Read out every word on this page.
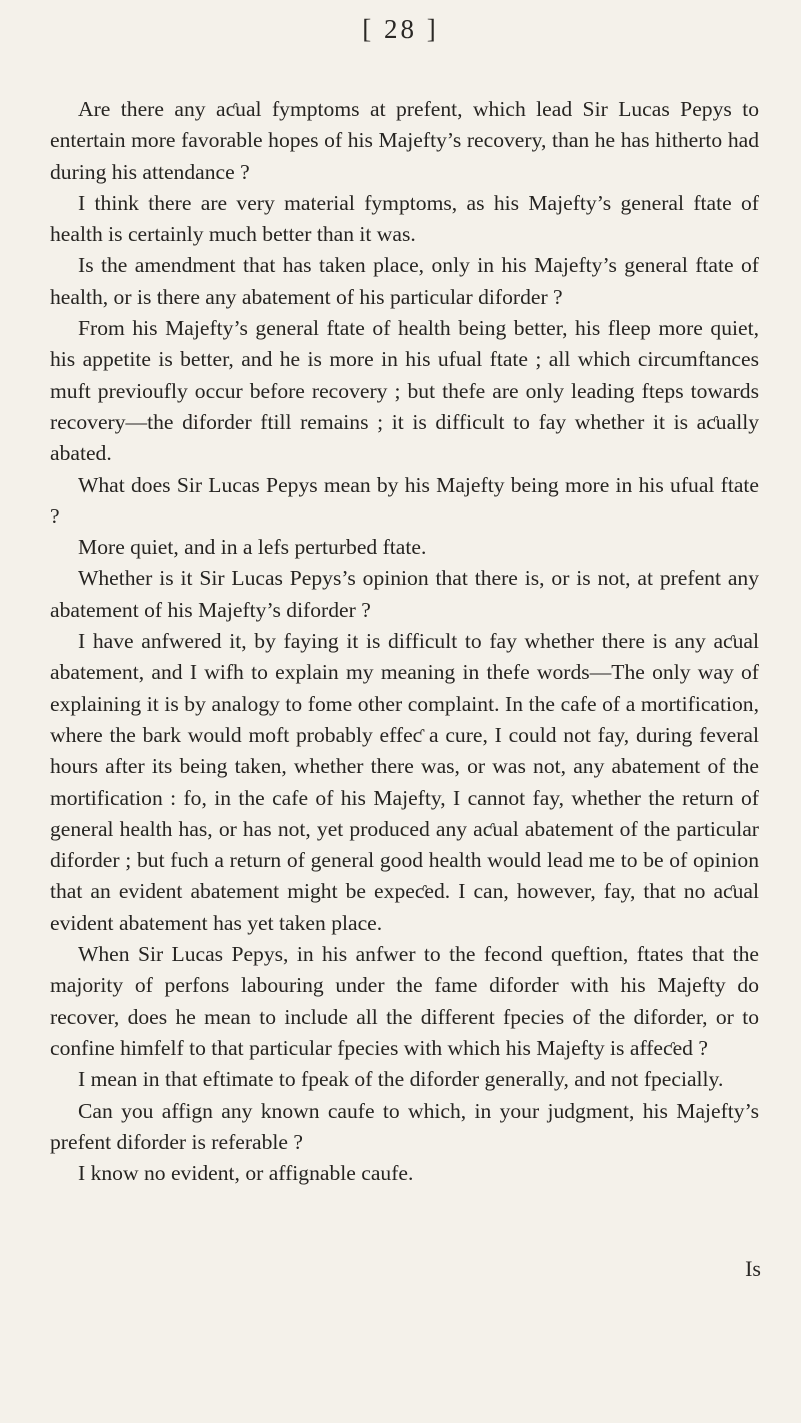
[ 28 ]

Are there any aƈual fymptoms at prefent, which lead Sir Lucas Pepys to entertain more favorable hopes of his Majefty’s recovery, than he has hitherto had during his attendance ?

I think there are very material fymptoms, as his Majefty’s general ftate of health is certainly much better than it was.

Is the amendment that has taken place, only in his Majefty’s general ftate of health, or is there any abatement of his particular diforder ?

From his Majefty’s general ftate of health being better, his fleep more quiet, his appetite is better, and he is more in his ufual ftate ; all which circumftances muft previoufly occur before recovery ; but thefe are only leading fteps towards recovery—the diforder ftill remains ; it is difficult to fay whether it is aƈually abated.

What does Sir Lucas Pepys mean by his Majefty being more in his ufual ftate ?

More quiet, and in a lefs perturbed ftate.

Whether is it Sir Lucas Pepys’s opinion that there is, or is not, at prefent any abatement of his Majefty’s diforder ?

I have anfwered it, by faying it is difficult to fay whether there is any aƈual abatement, and I wifh to explain my meaning in thefe words—The only way of explaining it is by analogy to fome other complaint. In the cafe of a mortification, where the bark would moft probably effeƈ a cure, I could not fay, during feveral hours after its being taken, whether there was, or was not, any abatement of the mortification : fo, in the cafe of his Majefty, I cannot fay, whether the return of general health has, or has not, yet produced any aƈual abatement of the particular diforder ; but fuch a return of general good health would lead me to be of opinion that an evident abatement might be expeƈed. I can, however, fay, that no aƈual evident abatement has yet taken place.

When Sir Lucas Pepys, in his anfwer to the fecond queftion, ftates that the majority of perfons labouring under the fame diforder with his Majefty do recover, does he mean to include all the different fpecies of the diforder, or to confine himfelf to that particular fpecies with which his Majefty is affeƈed ?

I mean in that eftimate to fpeak of the diforder generally, and not fpecially.

Can you affign any known caufe to which, in your judgment, his Majefty’s prefent diforder is referable ?

I know no evident, or affignable caufe.

Is
